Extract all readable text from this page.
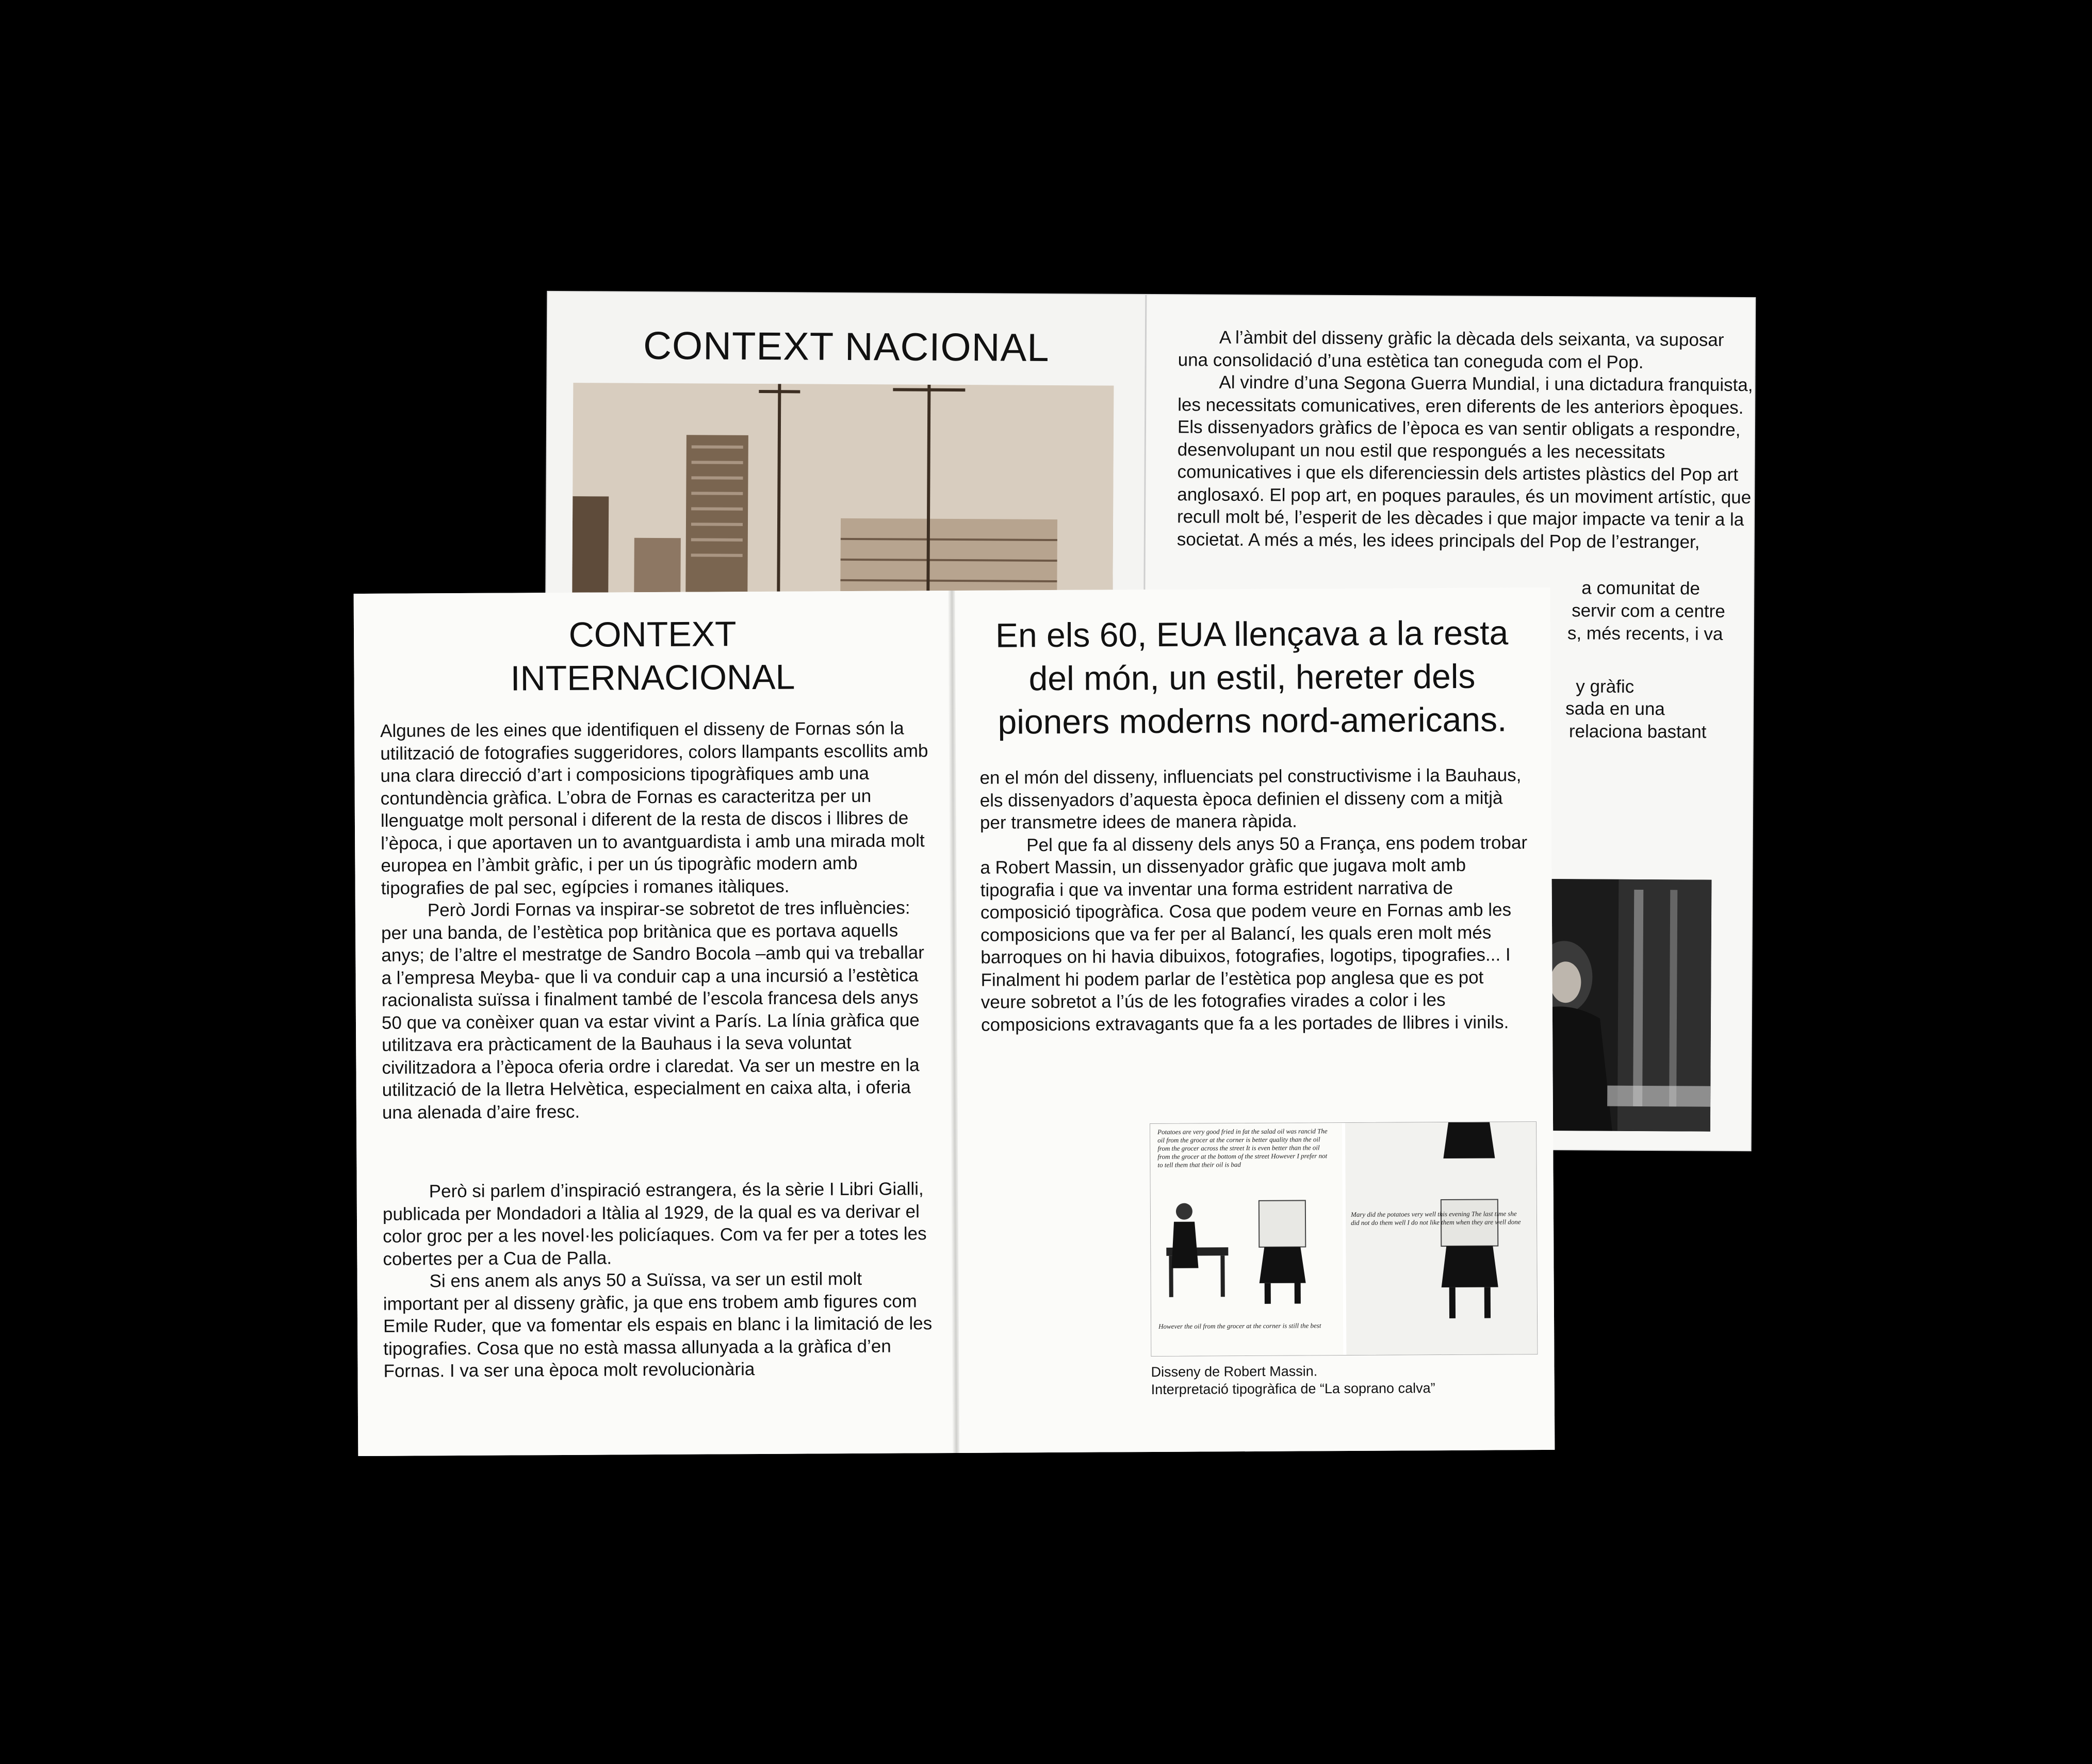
CONTEXT NACIONAL	A l’àmbit del disseny gràfic la dècada dels seixanta, va suposar una consolidació d’una estètica tan coneguda com el Pop.

Al vindre d’una Segona Guerra Mundial, i una dictadura franquista, les necessitats comunicatives, eren diferents de les anteriors èpoques. Els dissenyadors gràfics de l’època es van sentir obligats a respondre, desenvolupant un nou estil que respongués a les necessitats comunicatives i que els diferenciessin dels artistes plàstics del Pop art anglosaxó. El pop art, en poques paraules, és un moviment artístic, que recull molt bé, l’esperit de les dècades i que major impacte va tenir a la societat. A més a més, les idees principals del Pop de l’estranger,

a comunitat de
servir com a centre
s, més recents, i va
y gràfic
sada en una
relaciona bastant
CONTEXT
INTERNACIONAL

Algunes de les eines que identifiquen el disseny de Fornas són la utilització de fotografies suggeridores, colors llampants escollits amb una clara direcció d’art i composicions tipogràfiques amb una contundència gràfica. L’obra de Fornas es caracteritza per un llenguatge molt personal i diferent de la resta de discos i llibres de l’època, i que aportaven un to avantguardista i amb una mirada molt europea en l’àmbit gràfic, i per un ús tipogràfic modern amb tipografies de pal sec, egípcies i romanes itàliques.

Però Jordi Fornas va inspirar-se sobretot de tres influències: per una banda, de l’estètica pop britànica que es portava aquells anys; de l’altre el mestratge de Sandro Bocola –amb qui va treballar a l’empresa Meyba- que li va conduir cap a una incursió a l’estètica racionalista suïssa i finalment també de l’escola francesa dels anys 50 que va conèixer quan va estar vivint a París. La línia gràfica que utilitzava era pràcticament de la Bauhaus i la seva voluntat civilitzadora a l’època oferia ordre i claredat. Va ser un mestre en la utilització de la lletra Helvètica, especialment en caixa alta, i oferia una alenada d’aire fresc.

Però si parlem d’inspiració estrangera, és la sèrie I Libri Gialli, publicada per Mondadori a Itàlia al 1929, de la qual es va derivar el color groc per a les novel·les policíaques. Com va fer per a totes les cobertes per a Cua de Palla.

Si ens anem als anys 50 a Suïssa, va ser un estil molt important per al disseny gràfic, ja que ens trobem amb figures com Emile Ruder, que va fomentar els espais en blanc i la limitació de les tipografies. Cosa que no està massa allunyada a la gràfica d’en Fornas. I va ser una època molt revolucionària

En els 60, EUA llençava a la resta del món, un estil, hereter dels pioners moderns nord-americans.

en el món del disseny, influenciats pel constructivisme i la Bauhaus, els dissenyadors d’aquesta època definien el disseny com a mitjà per transmetre idees de manera ràpida.

Pel que fa al disseny dels anys 50 a França, ens podem trobar a Robert Massin, un dissenyador gràfic que jugava molt amb tipografia i que va inventar una forma estrident narrativa de composició tipogràfica. Cosa que podem veure en Fornas amb les composicions que va fer per al Balancí, les quals eren molt més barroques on hi havia dibuixos, fotografies, logotips, tipografies... I Finalment hi podem parlar de l’estètica pop anglesa que es pot veure sobretot a l’ús de les fotografies virades a color i les composicions extravagants que fa a les portades de llibres i vinils.

Potatoes are very good fried in fat the salad oil was rancid The oil from the grocer at the corner is better quality than the oil from the grocer across the street It is even better than the oil from the grocer at the bottom of the street However I prefer not to tell them that their oil is bad
However the oil from the grocer at the corner is still the best
Mary did the potatoes very well this evening The last time she did not do them well I do not like them when they are well done
Disseny de Robert Massin.
Interpretació tipogràfica de “La soprano calva”
